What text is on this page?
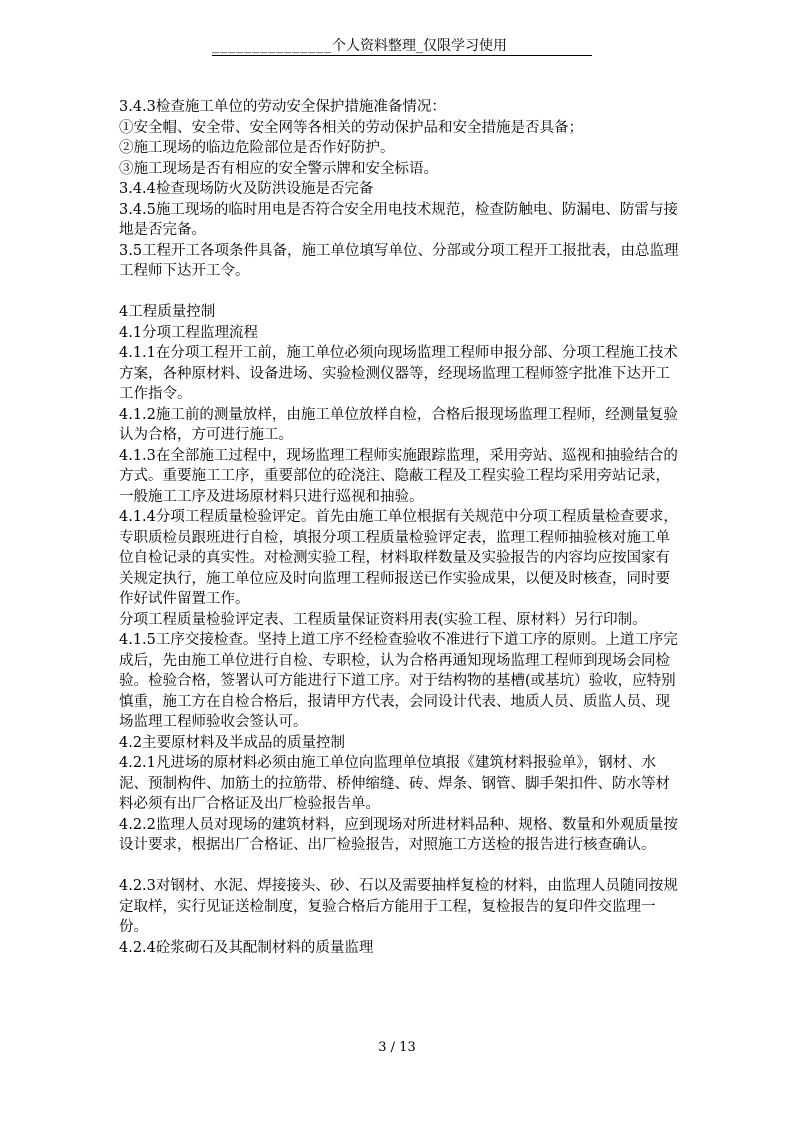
_______________个人资料整理_仅限学习使用

3.4.3检查施工单位的劳动安全保护措施准备情况：

①安全帽、安全带、安全网等各相关的劳动保护品和安全措施是否具备；

②施工现场的临边危险部位是否作好防护。

③施工现场是否有相应的安全警示牌和安全标语。

3.4.4检查现场防火及防洪设施是否完备

3.4.5施工现场的临时用电是否符合安全用电技术规范，检查防触电、防漏电、防雷与接地是否完备。

3.5工程开工各项条件具备，施工单位填写单位、分部或分项工程开工报批表，由总监理工程师下达开工令。

4工程质量控制

4.1分项工程监理流程

4.1.1在分项工程开工前，施工单位必须向现场监理工程师申报分部、分项工程施工技术方案，各种原材料、设备进场、实验检测仪器等，经现场监理工程师签字批准下达开工工作指令。

4.1.2施工前的测量放样，由施工单位放样自检，合格后报现场监理工程师，经测量复验认为合格，方可进行施工。

4.1.3在全部施工过程中，现场监理工程师实施跟踪监理，采用旁站、巡视和抽验结合的方式。重要施工工序，重要部位的砼浇注、隐蔽工程及工程实验工程均采用旁站记录，一般施工工序及进场原材料只进行巡视和抽验。

4.1.4分项工程质量检验评定。首先由施工单位根据有关规范中分项工程质量检查要求，专职质检员跟班进行自检，填报分项工程质量检验评定表，监理工程师抽验核对施工单位自检记录的真实性。对检测实验工程，材料取样数量及实验报告的内容均应按国家有关规定执行，施工单位应及时向监理工程师报送已作实验成果，以便及时核查，同时要作好试件留置工作。

分项工程质量检验评定表、工程质量保证资料用表(实验工程、原材料）另行印制。

4.1.5工序交接检查。坚持上道工序不经检查验收不准进行下道工序的原则。上道工序完成后，先由施工单位进行自检、专职检，认为合格再通知现场监理工程师到现场会同检验。检验合格，签署认可方能进行下道工序。对于结构物的基槽(或基坑）验收，应特别慎重，施工方在自检合格后，报请甲方代表，会同设计代表、地质人员、质监人员、现场监理工程师验收会签认可。

4.2主要原材料及半成品的质量控制

4.2.1凡进场的原材料必须由施工单位向监理单位填报《建筑材料报验单》，钢材、水泥、预制构件、加筋土的拉筋带、桥伸缩缝、砖、焊条、钢管、脚手架扣件、防水等材料必须有出厂合格证及出厂检验报告单。

4.2.2监理人员对现场的建筑材料，应到现场对所进材料品种、规格、数量和外观质量按设计要求，根据出厂合格证、出厂检验报告，对照施工方送检的报告进行核查确认。

4.2.3对钢材、水泥、焊接接头、砂、石以及需要抽样复检的材料，由监理人员随同按规定取样，实行见证送检制度，复验合格后方能用于工程，复检报告的复印件交监理一份。

4.2.4砼浆砌石及其配制材料的质量监理

3 / 13
